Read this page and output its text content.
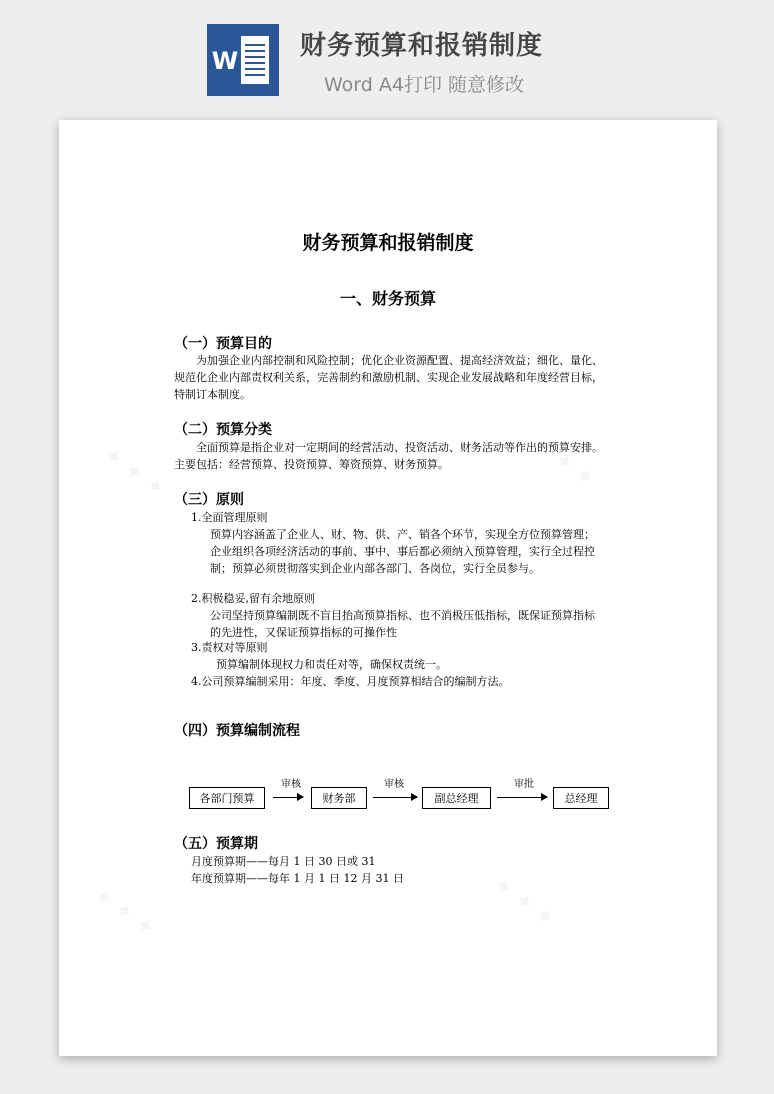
W 财务预算和报销制度
Word A4打印 随意修改
财务预算和报销制度
一、财务预算
（一）预算目的

为加强企业内部控制和风险控制；优化企业资源配置、提高经济效益；细化、量化、规范化企业内部责权利关系，完善制约和激励机制、实现企业发展战略和年度经营目标，特制订本制度。

（二）预算分类

全面预算是指企业对一定期间的经营活动、投资活动、财务活动等作出的预算安排。主要包括：经营预算、投资预算、筹资预算、财务预算。

（三）原则

1.全面管理原则

预算内容涵盖了企业人、财、物、供、产、销各个环节，实现全方位预算管理；企业组织各项经济活动的事前、事中、事后都必须纳入预算管理，实行全过程控制；预算必须贯彻落实到企业内部各部门、各岗位，实行全员参与。

2.积极稳妥,留有余地原则

公司坚持预算编制既不盲目抬高预算指标、也不消极压低指标，既保证预算指标的先进性，又保证预算指标的可操作性

3.责权对等原则

预算编制体现权力和责任对等，确保权责统一。

4.公司预算编制采用：年度、季度、月度预算相结合的编制方法。

（四）预算编制流程
各部门预算
审核
财务部
审核
副总经理
审批
总经理
（五）预算期

月度预算期——每月 1 日 30 日或 31

年度预算期——每年 1 月 1 日 12 月 31 日
